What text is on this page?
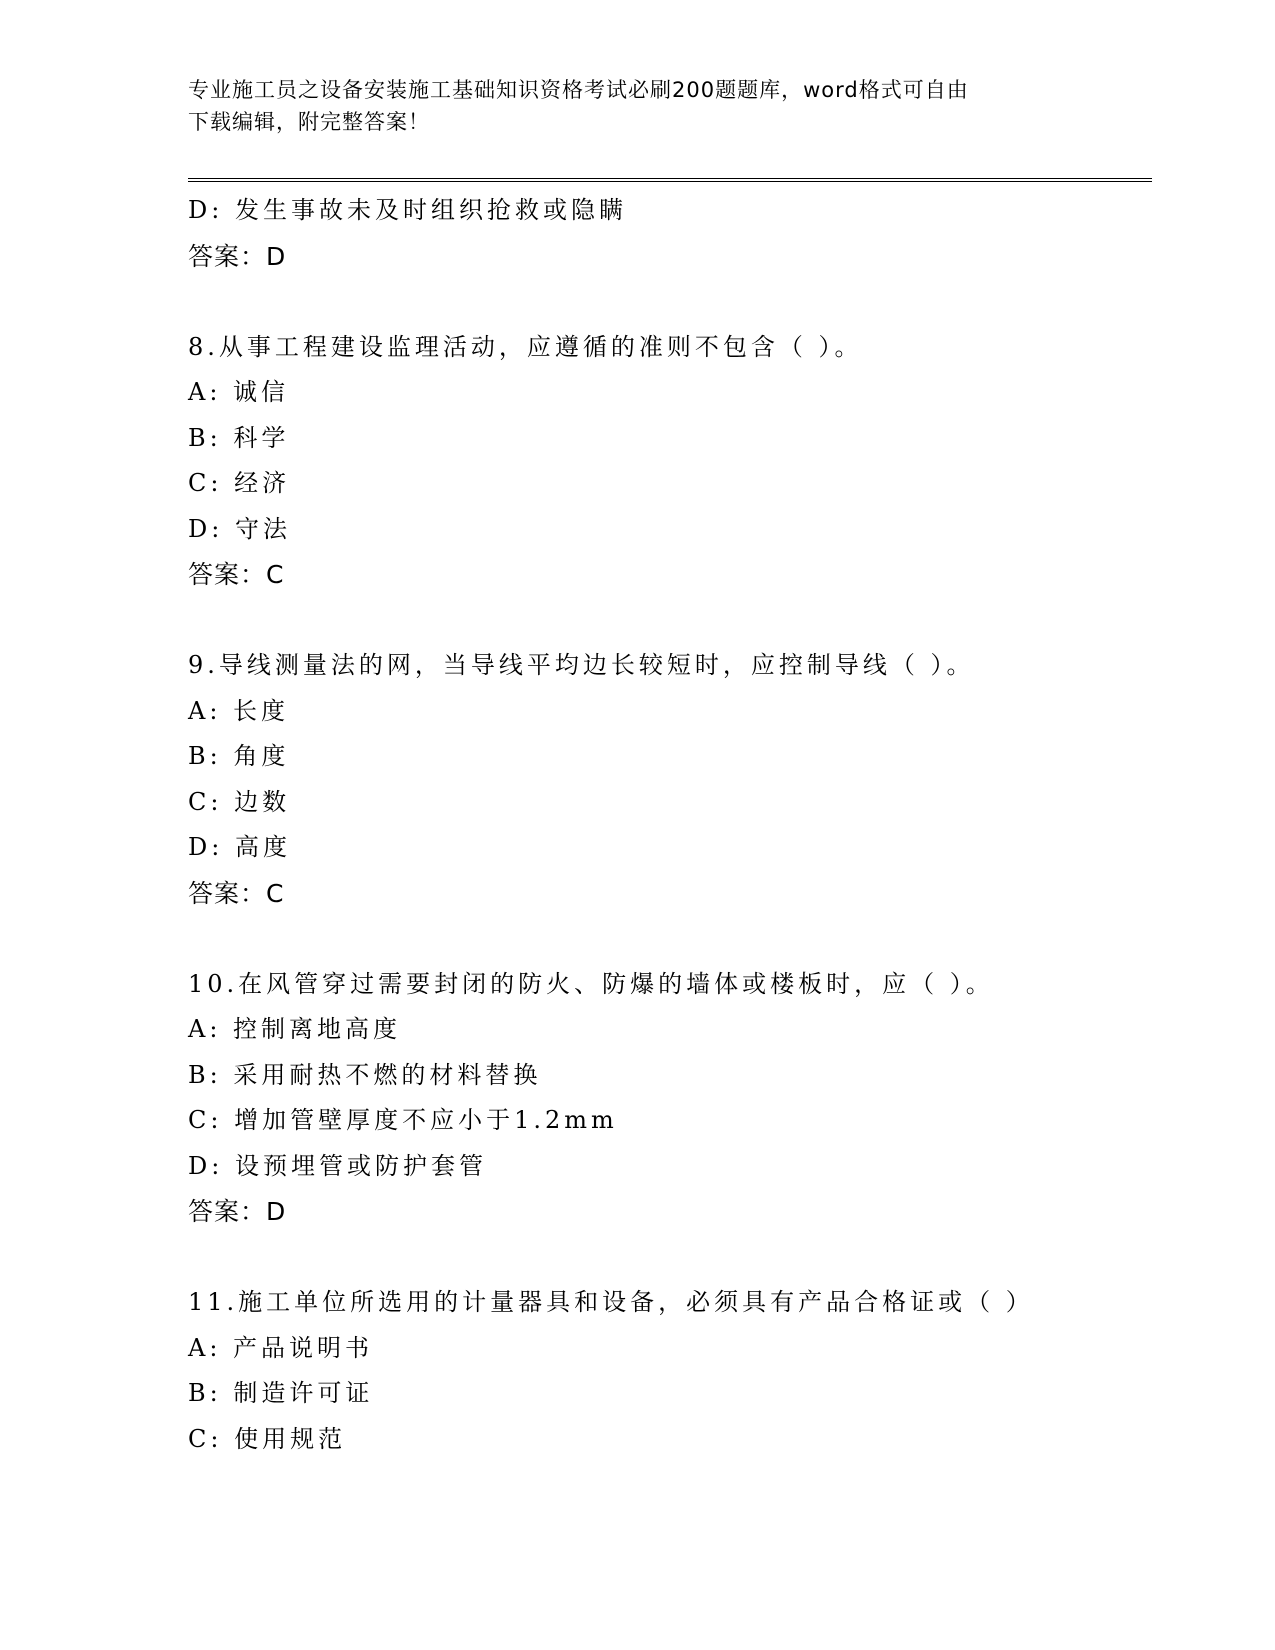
专业施工员之设备安装施工基础知识资格考试必刷200题题库，word格式可自由
下载编辑，附完整答案！
D: 发生事故未及时组织抢救或隐瞒
答案：D
8.从事工程建设监理活动，应遵循的准则不包含（ ）。
A: 诚信
B: 科学
C: 经济
D: 守法
答案：C
9.导线测量法的网，当导线平均边长较短时，应控制导线（ ）。
A: 长度
B: 角度
C: 边数
D: 高度
答案：C
10.在风管穿过需要封闭的防火、防爆的墙体或楼板时，应（ ）。
A: 控制离地高度
B: 采用耐热不燃的材料替换
C: 增加管壁厚度不应小于1.2mm
D: 设预埋管或防护套管
答案：D
11.施工单位所选用的计量器具和设备，必须具有产品合格证或（ ）
A: 产品说明书
B: 制造许可证
C: 使用规范
